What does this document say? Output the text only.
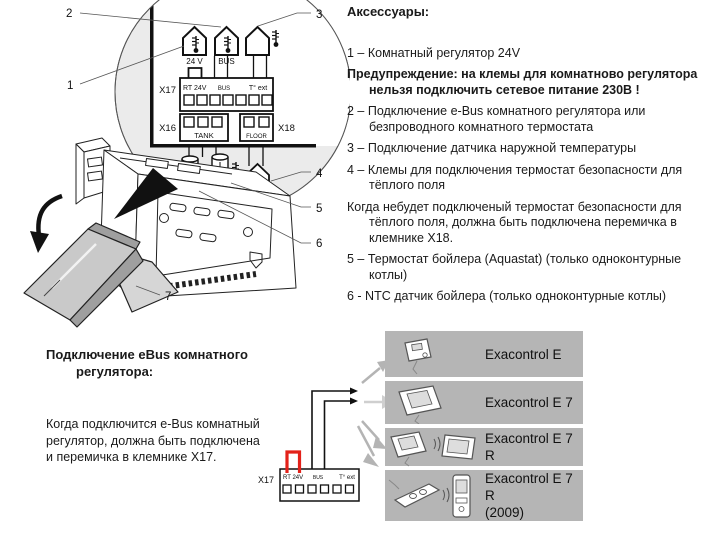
24 V BUS
RT 24V BUS	T° ext
TANK	FLOOR
X17
X16	X18
2
1
3
4
5
6
7

Аксессуары:

1 – Комнатный регулятор 24V

Предупреждение: на клемы для комнатново регулятора нельзя подключить сетевое питание 230В !

2 – Подключение e-Bus комнатного регулятора или безпроводного комнатного термостата

3 – Подключение датчика наружной температуры

4 – Клемы для подключения термостат безопасности для тёплого поля

Когда небудет подключеный термостат безопасности для тёплого поля, должна быть подключена перемичка в клемнике X18.

5 – Термостат бойлера (Aquastat) (только одноконтурные котлы)

6 - NTC датчик бойлера (только одноконтурные котлы)

Подключение eBus комнатного регулятора:

Когда подключится e-Bus комнатный регулятор, должна быть подключена и перемичка в клемнике X17.

X17 RT 24V BUS	T° ext
Exacontrol E
Exacontrol E 7
Exacontrol E 7 R
Exacontrol E 7 R
(2009)
